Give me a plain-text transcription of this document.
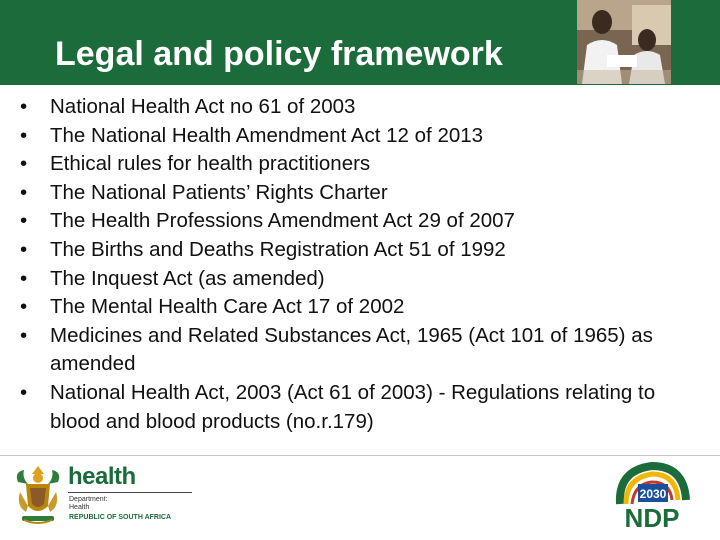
Legal and policy framework
•	National Health Act no 61 of 2003
•	The National Health Amendment Act 12 of 2013
•	Ethical rules for health practitioners
•	The National Patients’ Rights Charter
•	The Health Professions Amendment Act 29 of 2007
•	The Births and Deaths Registration Act 51 of 1992
•	The Inquest Act (as amended)
•	The Mental Health Care Act 17 of 2002
•	Medicines and Related Substances Act, 1965 (Act 101 of 1965) as amended
•	National Health Act, 2003 (Act 61 of 2003) - Regulations relating to blood and blood products (no.r.179)
health
Department:
Health
REPUBLIC OF SOUTH AFRICA
2030
NDP
